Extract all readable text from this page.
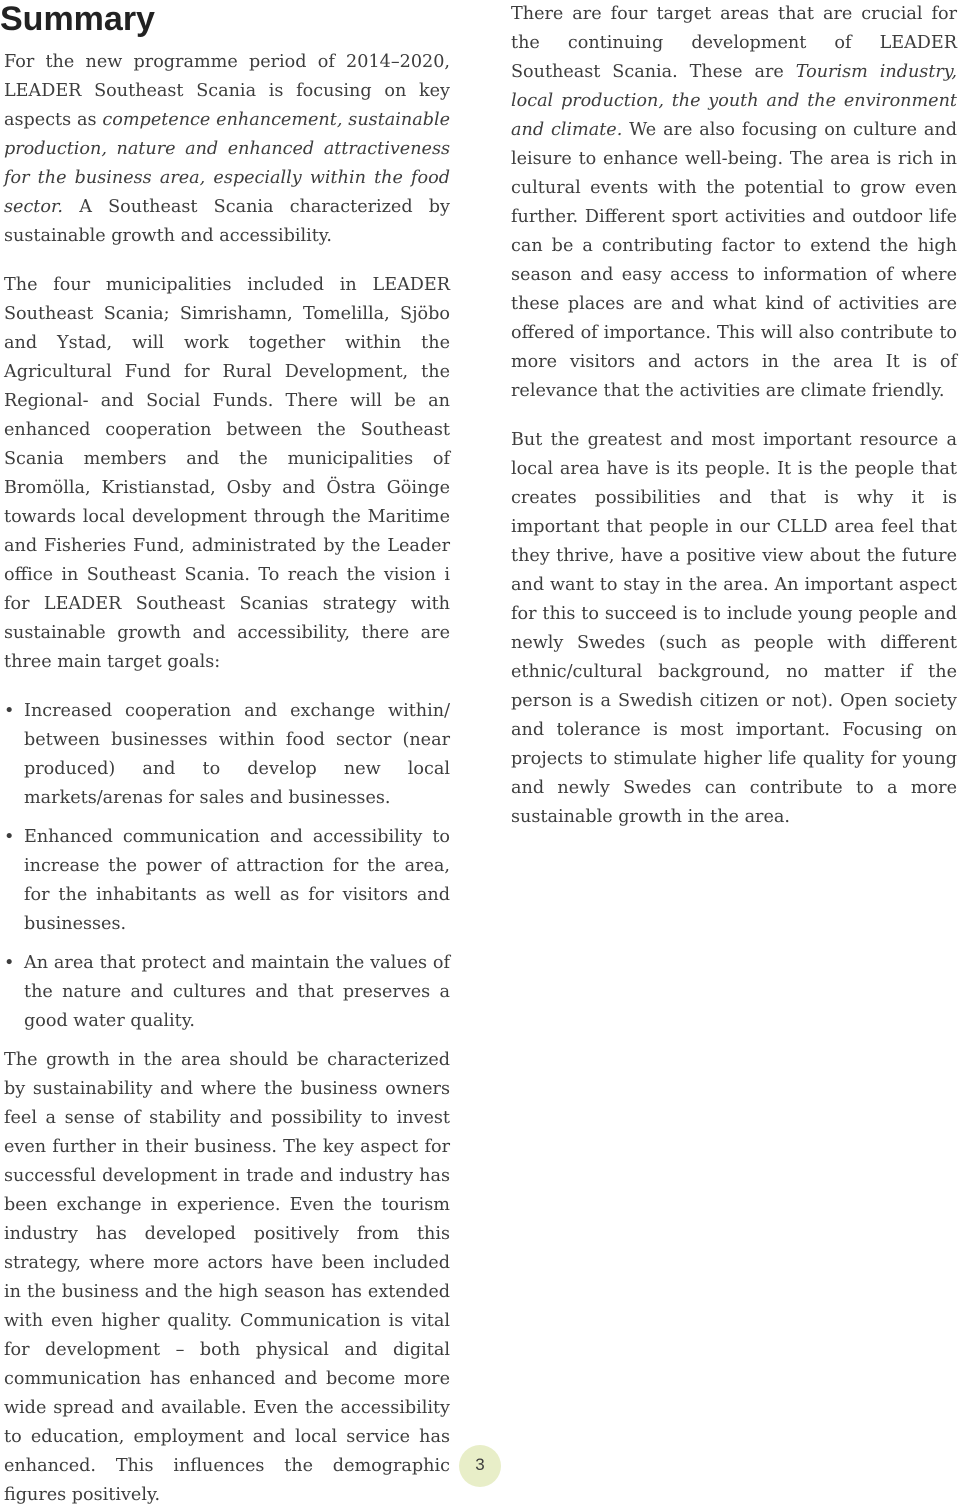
Summary

For the new programme period of 2014–2020, LEADER Southeast Scania is focusing on key aspects as competence enhancement, sustainable production, nature and enhanced attractiveness for the business area, especially within the food sector. A Southeast Scania characterized by sustainable growth and accessibility.

The four municipalities included in LEADER Southeast Scania; Simrishamn, Tomelilla, Sjöbo and Ystad, will work together within the Agricultural Fund for Rural Development, the Regional- and Social Funds. There will be an enhanced cooperation between the Southeast Scania members and the municipalities of Bromölla, Kristianstad, Osby and Östra Göinge towards local development through the Maritime and Fisheries Fund, administrated by the Leader office in Southeast Scania. To reach the vision i for LEADER Southeast Scanias strategy with sustainable growth and accessibility, there are three main target goals:

• Increased cooperation and exchange within/ between businesses within food sector (near produced) and to develop new local markets/arenas for sales and businesses.
• Enhanced communication and accessibility to increase the power of attraction for the area, for the inhabitants as well as for visitors and businesses.
• An area that protect and maintain the values of the nature and cultures and that preserves a good water quality.

The growth in the area should be characterized by sustainability and where the business owners feel a sense of stability and possibility to invest even further in their business. The key aspect for successful development in trade and industry has been exchange in experience. Even the tourism industry has developed positively from this strategy, where more actors have been included in the business and the high season has extended with even higher quality. Communication is vital for development – both physical and digital communication has enhanced and become more wide spread and available. Even the accessibility to education, employment and local service has enhanced. This influences the demographic figures positively.

There are four target areas that are crucial for the continuing development of LEADER Southeast Scania. These are Tourism industry, local production, the youth and the environment and climate. We are also focusing on culture and leisure to enhance well-being. The area is rich in cultural events with the potential to grow even further. Different sport activities and outdoor life can be a contributing factor to extend the high season and easy access to information of where these places are and what kind of activities are offered of importance. This will also contribute to more visitors and actors in the area It is of relevance that the activities are climate friendly.

But the greatest and most important resource a local area have is its people. It is the people that creates possibilities and that is why it is important that people in our CLLD area feel that they thrive, have a positive view about the future and want to stay in the area. An important aspect for this to succeed is to include young people and newly Swedes (such as people with different ethnic/cultural background, no matter if the person is a Swedish citizen or not). Open society and tolerance is most important. Focusing on projects to stimulate higher life quality for young and newly Swedes can contribute to a more sustainable growth in the area.

3
